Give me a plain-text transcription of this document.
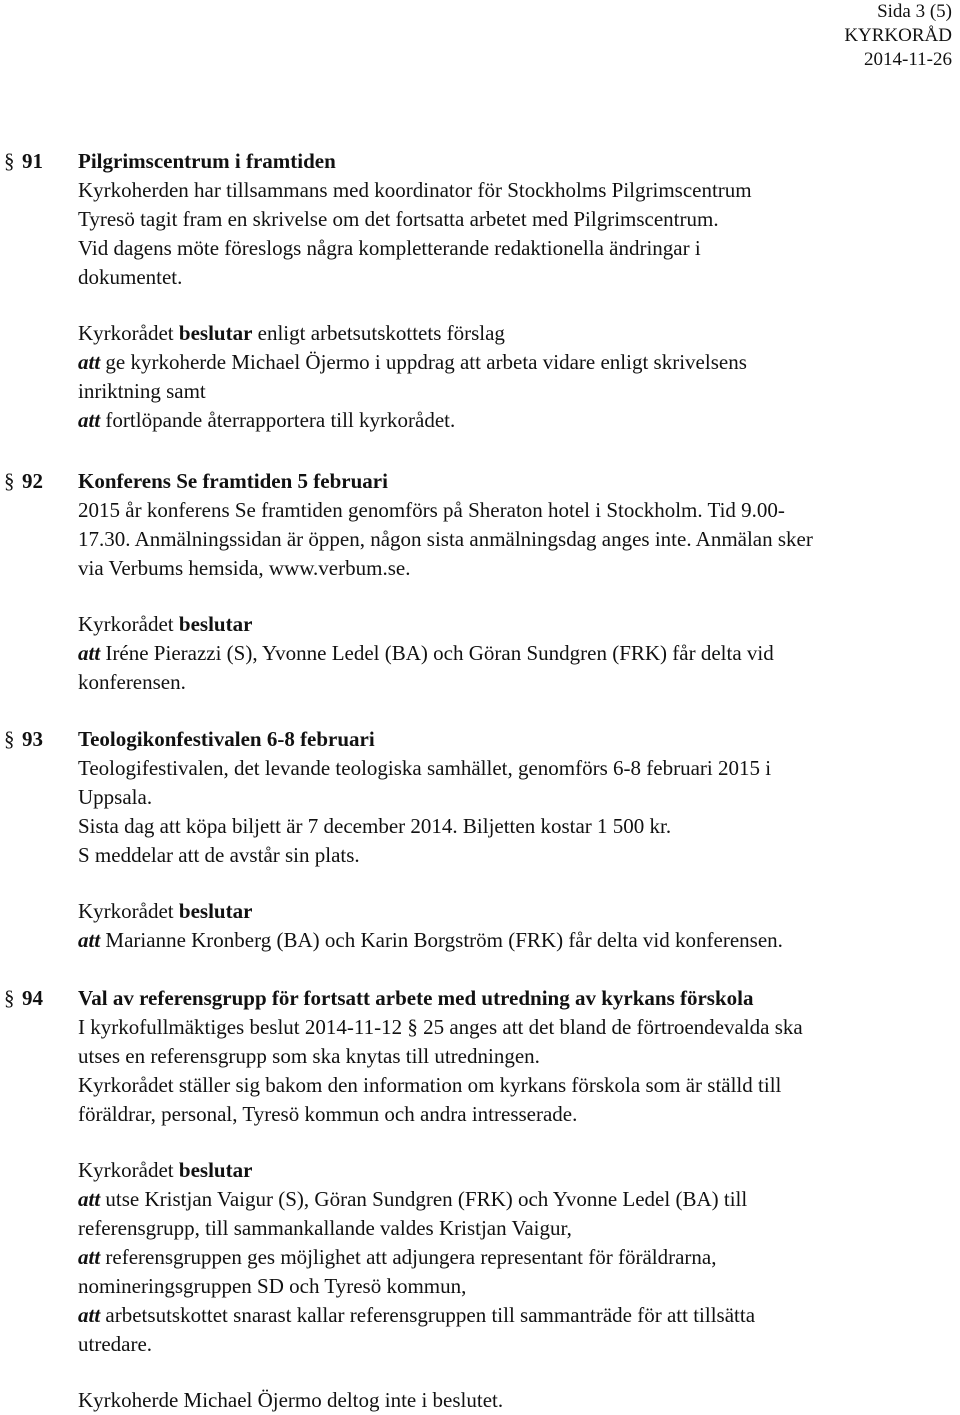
Sida 3 (5)
KYRKORÅD
2014-11-26
§ 91 Pilgrimscentrum i framtiden
Kyrkoherden har tillsammans med koordinator för Stockholms Pilgrimscentrum
Tyresö tagit fram en skrivelse om det fortsatta arbetet med Pilgrimscentrum.
Vid dagens möte föreslogs några kompletterande redaktionella ändringar i
dokumentet.
Kyrkorådet beslutar enligt arbetsutskottets förslag
att ge kyrkoherde Michael Öjermo i uppdrag att arbeta vidare enligt skrivelsens
inriktning samt
att fortlöpande återrapportera till kyrkorådet.
§ 92 Konferens Se framtiden 5 februari
2015 år konferens Se framtiden genomförs på Sheraton hotel i Stockholm. Tid 9.00-
17.30. Anmälningssidan är öppen, någon sista anmälningsdag anges inte. Anmälan sker
via Verbums hemsida, www.verbum.se.
Kyrkorådet beslutar
att Iréne Pierazzi (S), Yvonne Ledel (BA) och Göran Sundgren (FRK) får delta vid
konferensen.
§ 93 Teologikonfestivalen 6-8 februari
Teologifestivalen, det levande teologiska samhället, genomförs 6-8 februari 2015 i
Uppsala.
Sista dag att köpa biljett är 7 december 2014. Biljetten kostar 1 500 kr.
S meddelar att de avstår sin plats.
Kyrkorådet beslutar
att Marianne Kronberg (BA) och Karin Borgström (FRK) får delta vid konferensen.
§ 94 Val av referensgrupp för fortsatt arbete med utredning av kyrkans förskola
I kyrkofullmäktiges beslut 2014-11-12 § 25 anges att det bland de förtroendevalda ska
utses en referensgrupp som ska knytas till utredningen.
Kyrkorådet ställer sig bakom den information om kyrkans förskola som är ställd till
föräldrar, personal, Tyresö kommun och andra intresserade.
Kyrkorådet beslutar
att utse Kristjan Vaigur (S), Göran Sundgren (FRK) och Yvonne Ledel (BA) till
referensgrupp, till sammankallande valdes Kristjan Vaigur,
att referensgruppen ges möjlighet att adjungera representant för föräldrarna,
nomineringsgruppen SD och Tyresö kommun,
att arbetsutskottet snarast kallar referensgruppen till sammanträde för att tillsätta
utredare.
Kyrkoherde Michael Öjermo deltog inte i beslutet.
